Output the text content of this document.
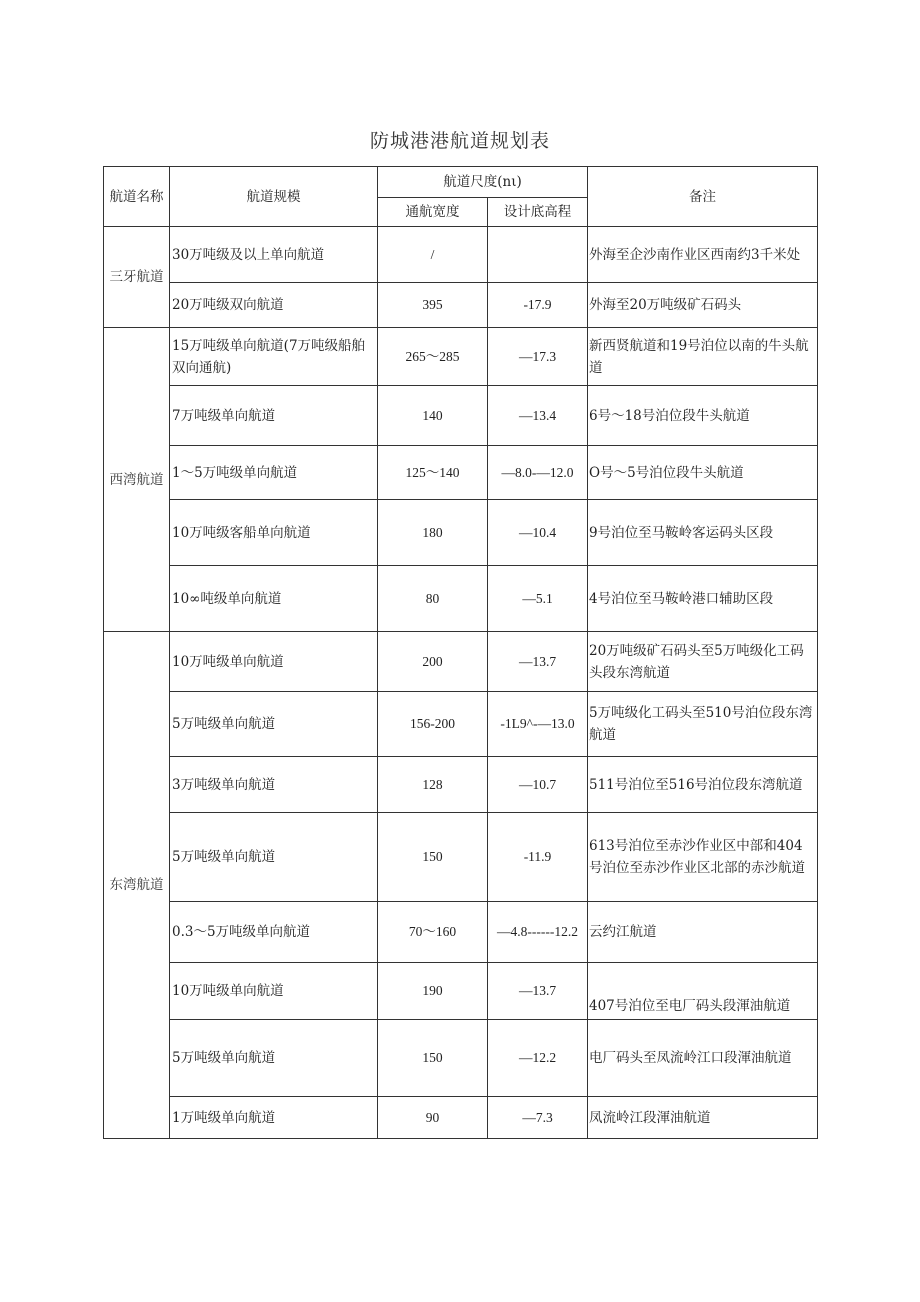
防城港港航道规划表
航道名称	航道规模	航道尺度(nι)		备注
		通航宽度	设计底高程	
三牙航道	30万吨级及以上单向航道	/		外海至企沙南作业区西南约3千米处
	20万吨级双向航道	395	-17.9	外海至20万吨级矿石码头
西湾航道	15万吨级单向航道(7万吨级船舶双向通航)	265～285	—17.3	新西贤航道和19号泊位以南的牛头航道
	7万吨级单向航道	140	—13.4	6号～18号泊位段牛头航道
	1～5万吨级单向航道	125～140	—8.0-—12.0	O号～5号泊位段牛头航道
	10万吨级客船单向航道	180	—10.4	9号泊位至马鞍岭客运码头区段
	10∞吨级单向航道	80	—5.1	4号泊位至马鞍岭港口辅助区段
东湾航道	10万吨级单向航道	200	—13.7	20万吨级矿石码头至5万吨级化工码头段东湾航道
	5万吨级单向航道	156-200	-1L9^-—13.0	5万吨级化工码头至510号泊位段东湾航道
	3万吨级单向航道	128	—10.7	511号泊位至516号泊位段东湾航道
	5万吨级单向航道	150	-11.9	613号泊位至赤沙作业区中部和404号泊位至赤沙作业区北部的赤沙航道
	0.3～5万吨级单向航道	70～160	—4.8------12.2	云约江航道
	10万吨级单向航道	190	—13.7	407号泊位至电厂码头段渾油航道
	5万吨级单向航道	150	—12.2	电厂码头至凤流岭江口段渾油航道
	1万吨级单向航道	90	—7.3	凤流岭江段渾油航道
